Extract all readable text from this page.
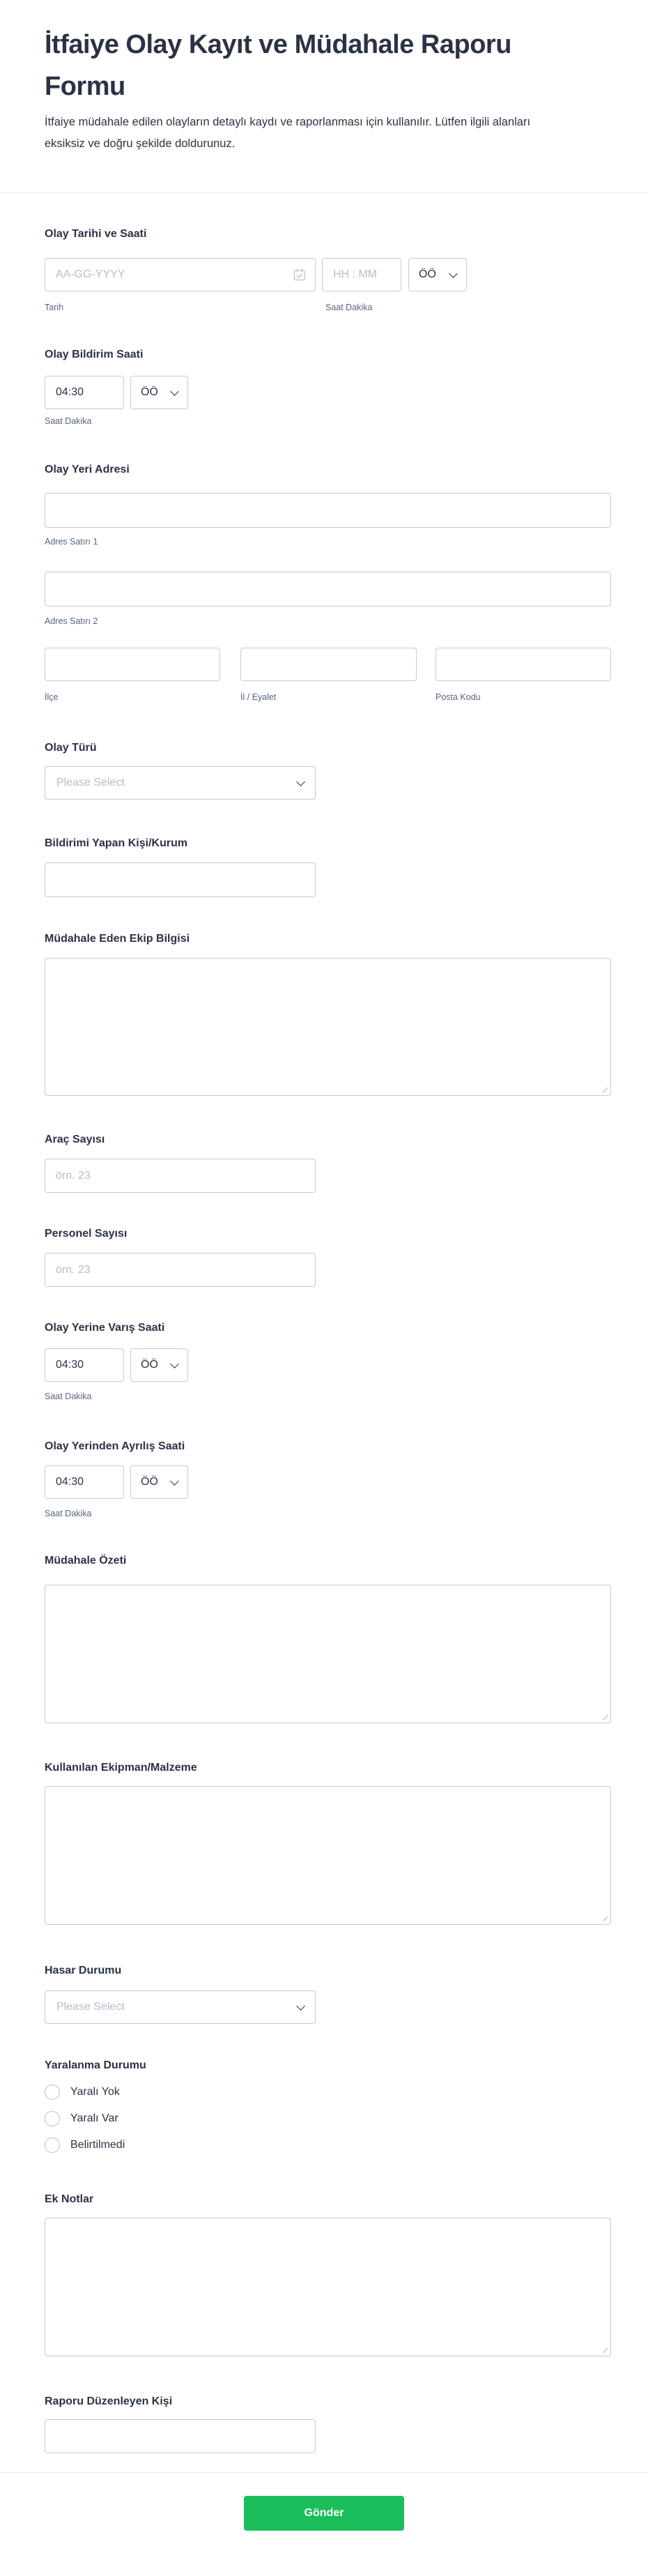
İtfaiye Olay Kayıt ve Müdahale Raporu Formu
İtfaiye müdahale edilen olayların detaylı kaydı ve raporlanması için kullanılır. Lütfen ilgili alanları eksiksiz ve doğru şekilde doldurunuz.
Olay Tarihi ve Saati
AA-GG-YYYY
HH : MM
ÖÖ
Tarih	Saat Dakika
Olay Bildirim Saati
04:30
ÖÖ
Saat Dakika
Olay Yeri Adresi
Adres Satırı 1
Adres Satırı 2
İlçe	İl / Eyalet	Posta Kodu
Olay Türü
Please Select
Bildirimi Yapan Kişi/Kurum
Müdahale Eden Ekip Bilgisi
Araç Sayısı
örn. 23
Personel Sayısı
örn. 23
Olay Yerine Varış Saati
04:30
ÖÖ
Saat Dakika
Olay Yerinden Ayrılış Saati
04:30
ÖÖ
Saat Dakika
Müdahale Özeti
Kullanılan Ekipman/Malzeme
Hasar Durumu
Please Select
Yaralanma Durumu
Yaralı Yok
Yaralı Var
Belirtilmedi
Ek Notlar
Raporu Düzenleyen Kişi
Gönder
